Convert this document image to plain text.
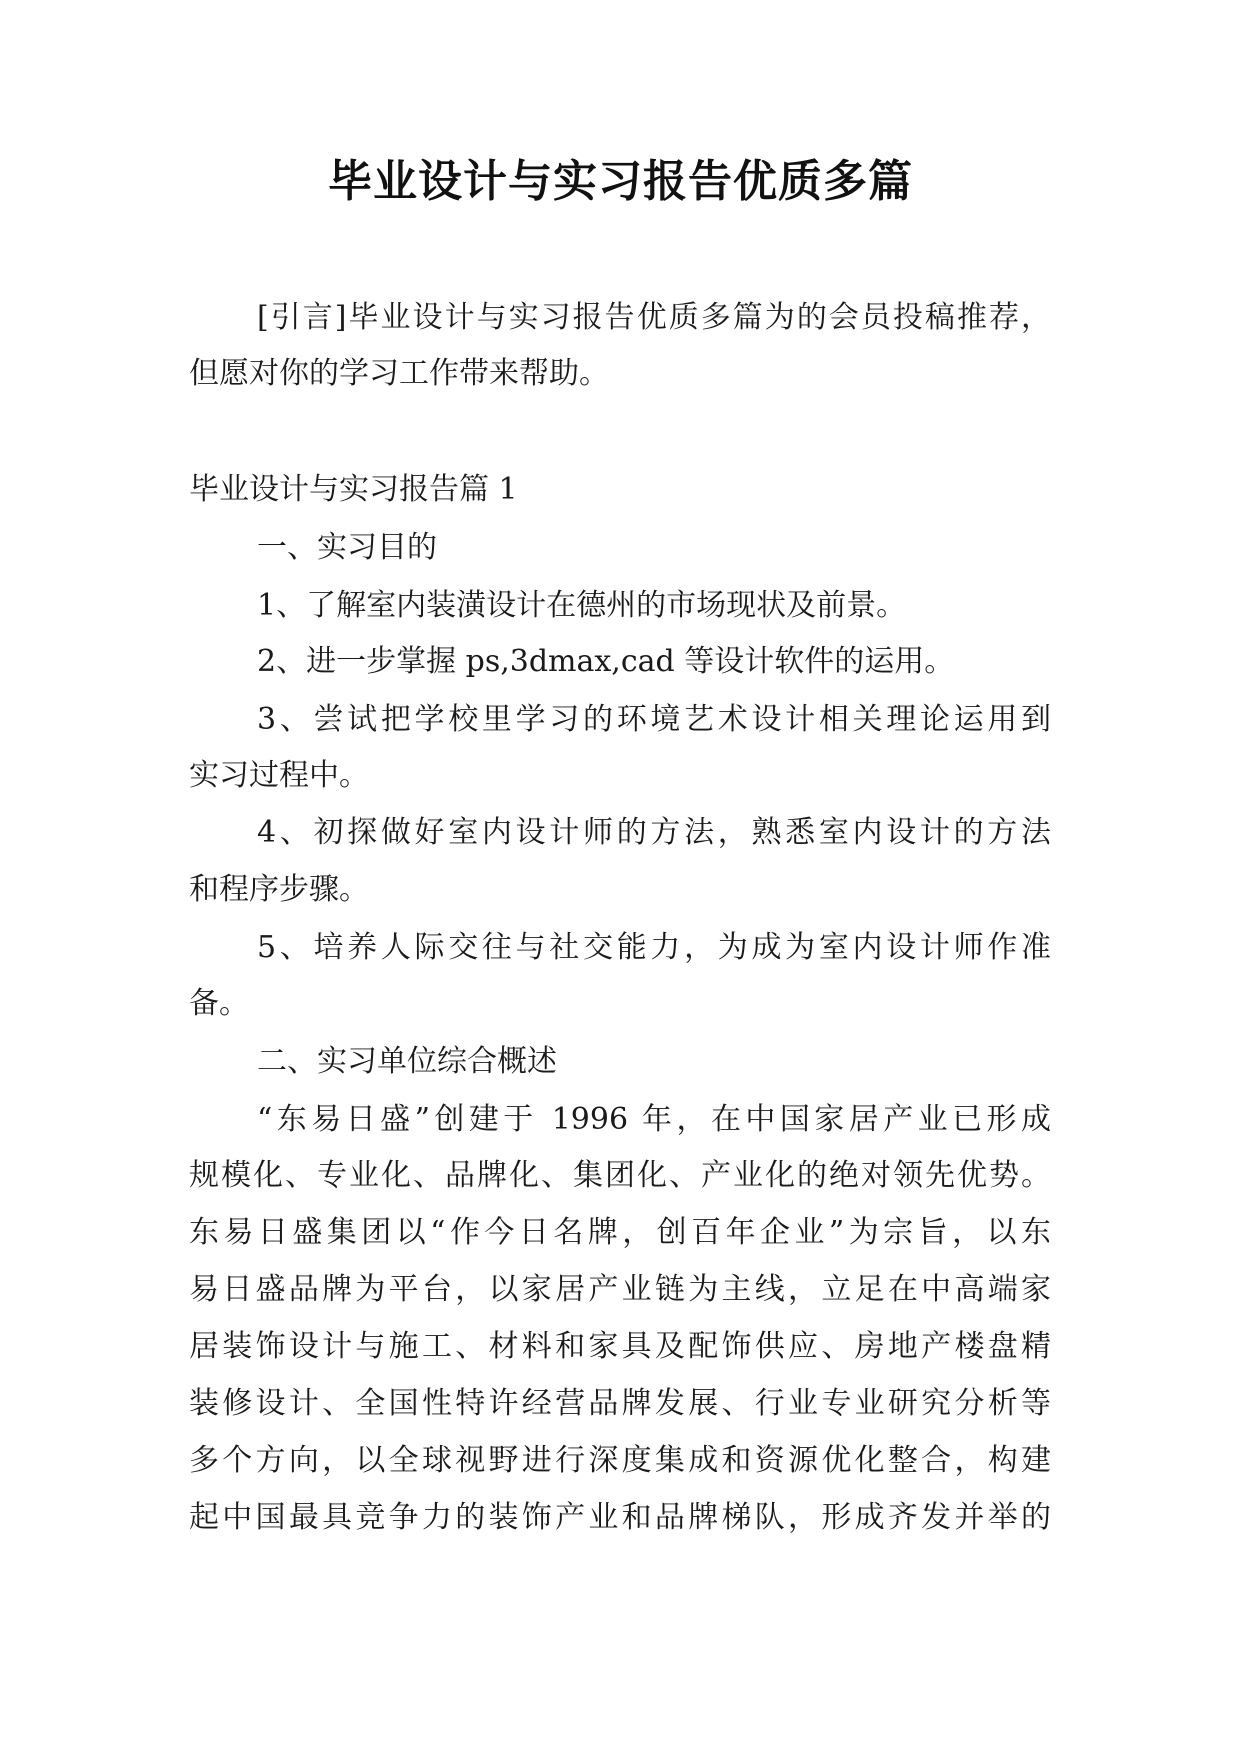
毕业设计与实习报告优质多篇

[引言]毕业设计与实习报告优质多篇为的会员投稿推荐，

但愿对你的学习工作带来帮助。

毕业设计与实习报告篇 1

一、实习目的

1、了解室内装潢设计在德州的市场现状及前景。

2、进一步掌握 ps,3dmax,cad 等设计软件的运用。

3、尝试把学校里学习的环境艺术设计相关理论运用到

实习过程中。

4、初探做好室内设计师的方法，熟悉室内设计的方法

和程序步骤。

5、培养人际交往与社交能力，为成为室内设计师作准

备。

二、实习单位综合概述

“东易日盛”创建于 1996 年，在中国家居产业已形成

规模化、专业化、品牌化、集团化、产业化的绝对领先优势。

东易日盛集团以“作今日名牌，创百年企业”为宗旨，以东

易日盛品牌为平台，以家居产业链为主线，立足在中高端家

居装饰设计与施工、材料和家具及配饰供应、房地产楼盘精

装修设计、全国性特许经营品牌发展、行业专业研究分析等

多个方向，以全球视野进行深度集成和资源优化整合，构建

起中国最具竞争力的装饰产业和品牌梯队，形成齐发并举的
